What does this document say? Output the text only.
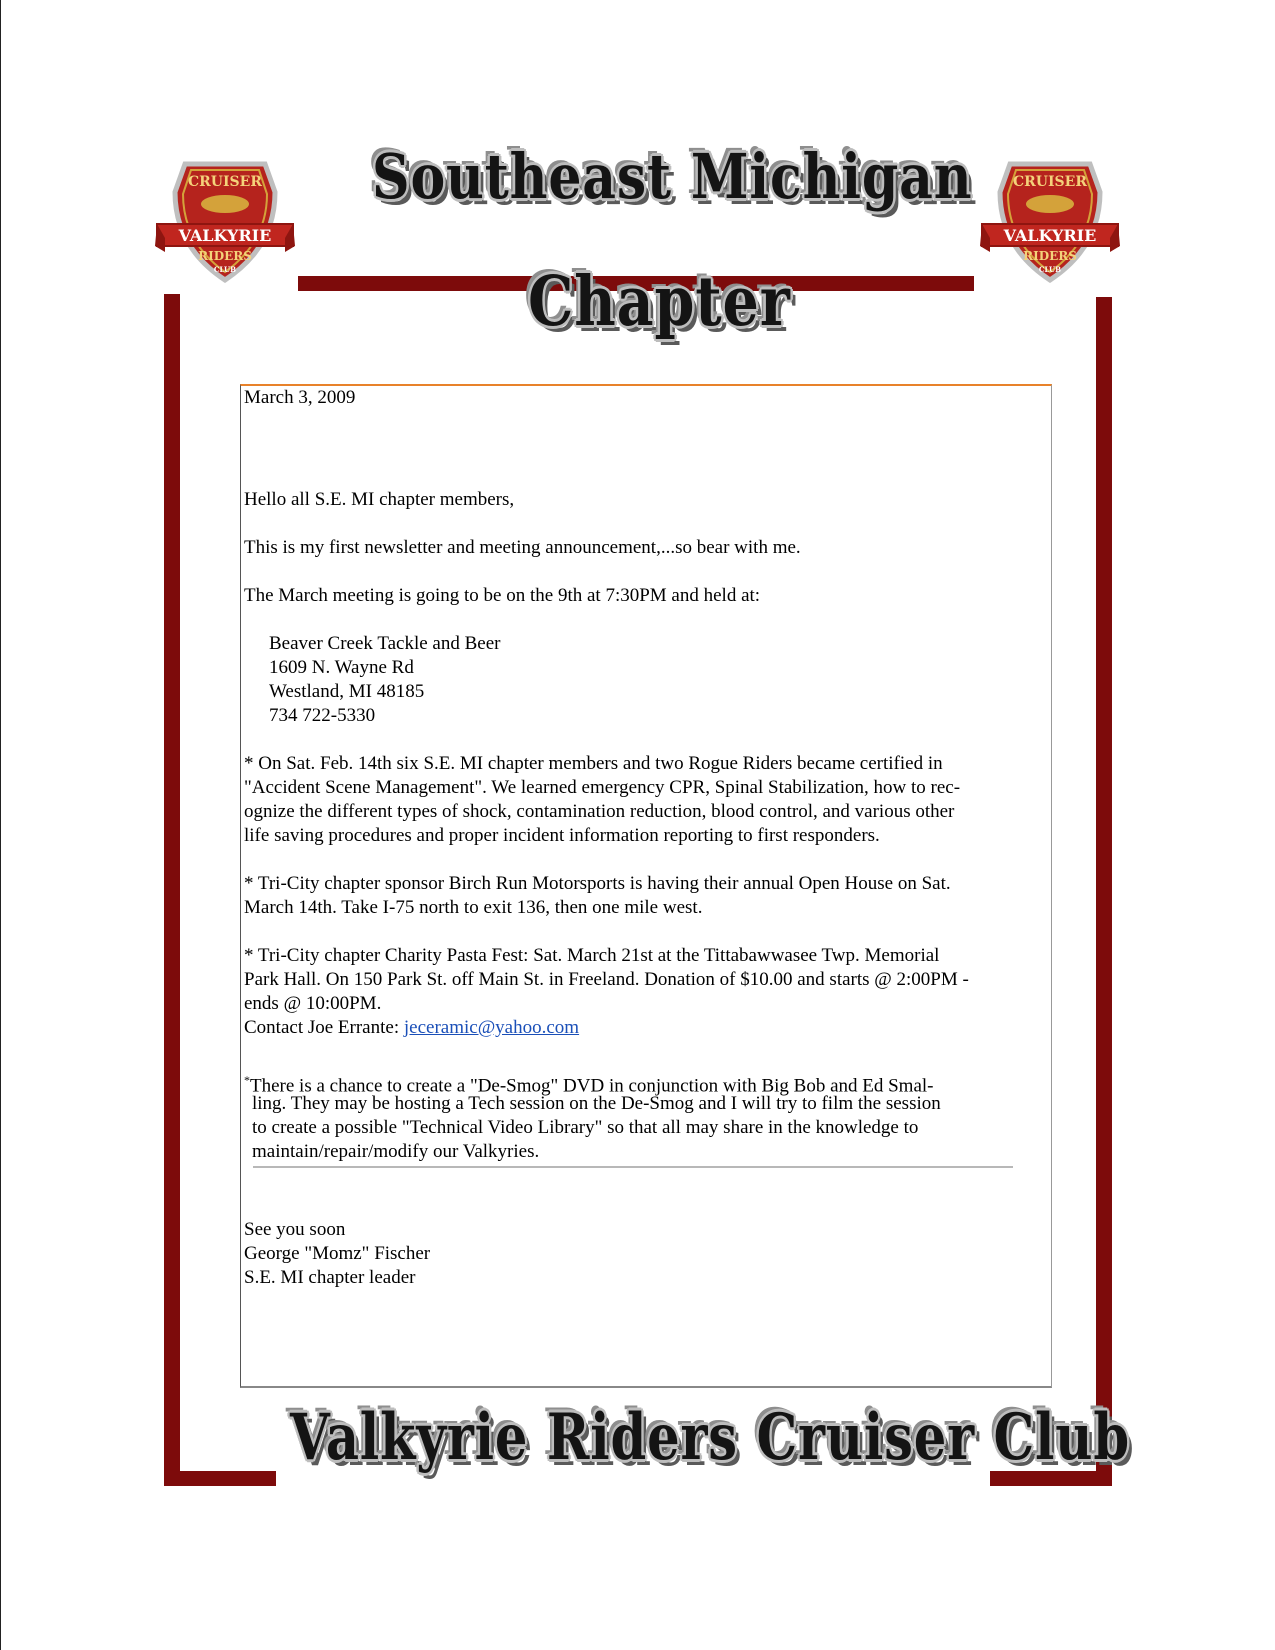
CRUISER
VALKYRIE
RIDERS
CLUB
CRUISER
VALKYRIE
RIDERS
CLUB
Southeast Michigan
Chapter
March 3, 2009
Hello all S.E. MI chapter members,
This is my first newsletter and meeting announcement,...so bear with me.
The March meeting is going to be on the 9th at 7:30PM and held at:
Beaver Creek Tackle and Beer
1609 N. Wayne Rd
Westland, MI 48185
734 722-5330
* On Sat. Feb. 14th six S.E. MI chapter members and two Rogue Riders became certified in
"Accident Scene Management". We learned emergency CPR, Spinal Stabilization, how to rec-
ognize the different types of shock, contamination reduction, blood control, and various other
life saving procedures and proper incident information reporting to first responders.
* Tri-City chapter sponsor Birch Run Motorsports is having their annual Open House on Sat.
March 14th. Take I-75 north to exit 136, then one mile west.
* Tri-City chapter Charity Pasta Fest: Sat. March 21st at the Tittabawwasee Twp. Memorial
Park Hall. On 150 Park St. off Main St. in Freeland. Donation of $10.00 and starts @ 2:00PM -
ends @ 10:00PM.
Contact Joe Errante: jeceramic@yahoo.com
*There is a chance to create a "De-Smog" DVD in conjunction with Big Bob and Ed Smal-
ling. They may be hosting a Tech session on the De-Smog and I will try to film the session
to create a possible "Technical Video Library" so that all may share in the knowledge to
maintain/repair/modify our Valkyries.
See you soon
George "Momz" Fischer
S.E. MI chapter leader
Valkyrie Riders Cruiser Club
